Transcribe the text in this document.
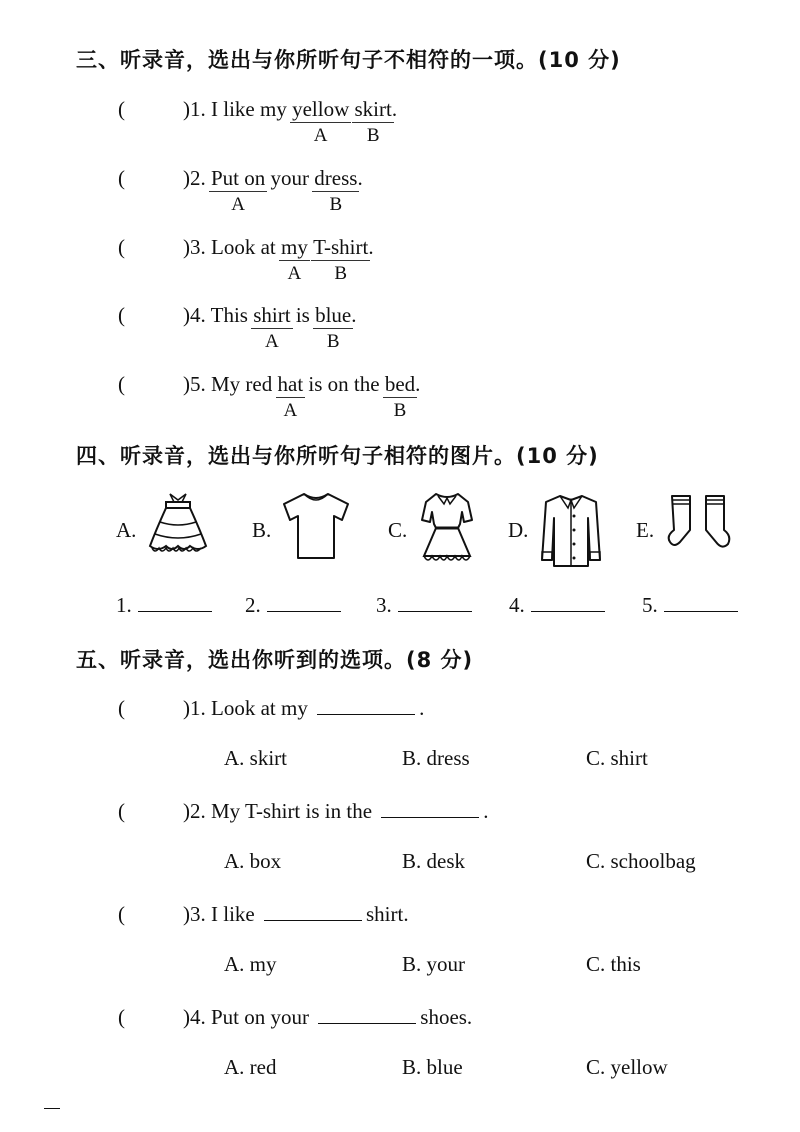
三、听录音，选出与你所听句子不相符的一项。(10 分)
(	)1. I like my yellow
A
skirt
B
.
(	)2. Put on
A
your dress
B
.
(	)3. Look at $\frac{my}{A}$ T-shirt
B
.
(	)4. This shirt
A
is blue
B
.
(	)5. My red hat
A
is on the bed
B
.
四、听录音，选出与你所听句子相符的图片。(10 分)
A.	B.	C.	D.	E.
1.	2.	3.	4.	5.
五、听录音，选出你听到的选项。(8 分)
(	)1. Look at my	.
A. skirt	B. dress	C. shirt
(	)2. My T-shirt is in the	.
A. box	B. desk	C. schoolbag
(	)3. I like	shirt.
A. my	B. your	C. this
(	)4. Put on your	shoes.
A. red	B. blue	C. yellow
